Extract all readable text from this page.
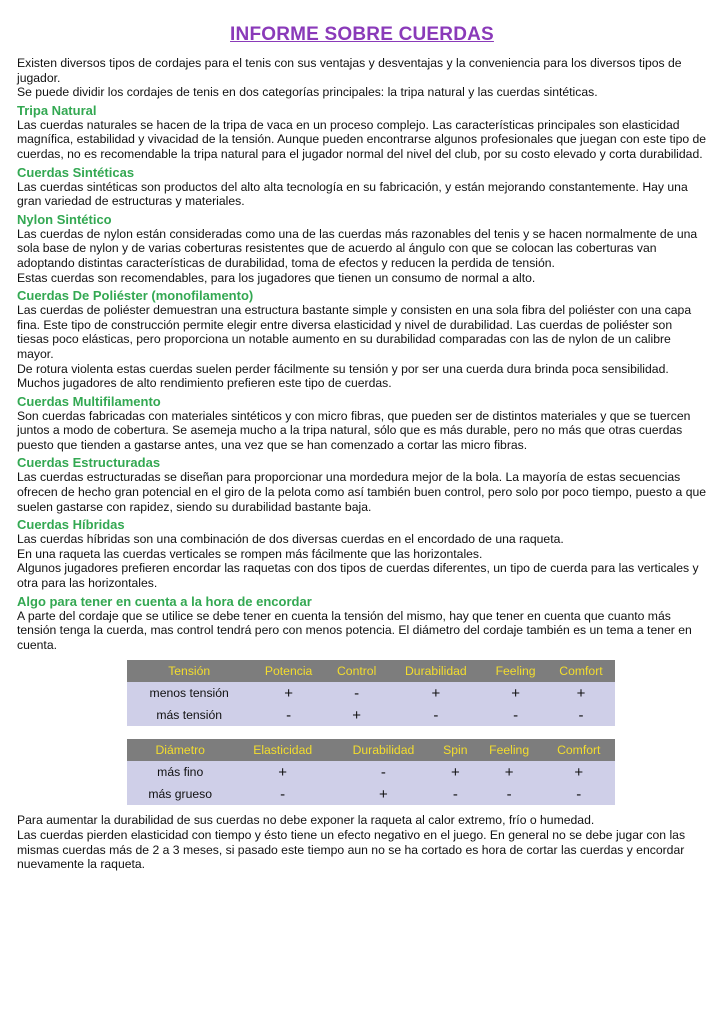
INFORME SOBRE CUERDAS

Existen diversos tipos de cordajes para el tenis con sus ventajas y desventajas y la conveniencia para los diversos tipos de jugador.

Se puede dividir los cordajes de tenis en dos categorías principales: la tripa natural y las cuerdas sintéticas.

Tripa Natural

Las cuerdas naturales se hacen de la tripa de vaca en un proceso complejo. Las características principales son elasticidad magnífica, estabilidad y vivacidad de la tensión. Aunque pueden encontrarse algunos profesionales que juegan con este tipo de cuerdas, no es recomendable la tripa natural para el jugador normal del nivel del club, por su costo elevado y corta durabilidad.

Cuerdas Sintéticas

Las cuerdas sintéticas son productos del alto alta tecnología en su fabricación, y están mejorando constantemente. Hay una gran variedad de estructuras y materiales.

Nylon Sintético

Las cuerdas de nylon están consideradas como una de las cuerdas más razonables del tenis y se hacen normalmente de una sola base de nylon y de varias coberturas resistentes que de acuerdo al ángulo con que se colocan las coberturas van adoptando distintas características de durabilidad, toma de efectos y reducen la perdida de tensión.

Estas cuerdas son recomendables, para los jugadores que tienen un consumo de normal a alto.

Cuerdas De Poliéster (monofilamento)

Las cuerdas de poliéster demuestran una estructura bastante simple y consisten en una sola fibra del poliéster con una capa fina. Este tipo de construcción permite elegir entre diversa elasticidad y nivel de durabilidad. Las cuerdas de poliéster son tiesas poco elásticas, pero proporciona un notable aumento en su durabilidad comparadas con las de nylon de un calibre mayor.

De rotura violenta estas cuerdas suelen perder fácilmente su tensión y por ser una cuerda dura brinda poca sensibilidad. Muchos jugadores de alto rendimiento prefieren este tipo de cuerdas.

Cuerdas Multifilamento

Son cuerdas fabricadas con materiales sintéticos y con micro fibras, que pueden ser de distintos materiales y que se tuercen juntos a modo de cobertura. Se asemeja mucho a la tripa natural, sólo que es más durable, pero no más que otras cuerdas puesto que tienden a gastarse antes, una vez que se han comenzado a cortar las micro fibras.

Cuerdas Estructuradas

Las cuerdas estructuradas se diseñan para proporcionar una mordedura mejor de la bola. La mayoría de estas secuencias ofrecen de hecho gran potencial en el giro de la pelota como así también buen control, pero solo por poco tiempo, puesto a que suelen gastarse con rapidez, siendo su durabilidad bastante baja.

Cuerdas Híbridas

Las cuerdas híbridas son una combinación de dos diversas cuerdas en el encordado de una raqueta.

En una raqueta las cuerdas verticales se rompen más fácilmente que las horizontales.

Algunos jugadores prefieren encordar las raquetas con dos tipos de cuerdas diferentes, un tipo de cuerda para las verticales y otra para las horizontales.

Algo para tener en cuenta a la hora de encordar

A parte del cordaje que se utilice se debe tener en cuenta la tensión del mismo, hay que tener en cuenta que cuanto más tensión tenga la cuerda, mas control tendrá pero con menos potencia. El diámetro del cordaje también es un tema a tener en cuenta.

Tensión	Potencia	Control	Durabilidad	Feeling	Comfort
menos tensión	+	-	+	+	+
más tensión	-	+	-	-	-
Diámetro	Elasticidad	Durabilidad	Spin	Feeling	Comfort
más fino	+	-	+	+	+
más grueso	-	+	-	-	-

Para aumentar la durabilidad de sus cuerdas no debe exponer la raqueta al calor extremo, frío o humedad.

Las cuerdas pierden elasticidad con tiempo y ésto tiene un efecto negativo en el juego. En general no se debe jugar con las mismas cuerdas más de 2 a 3 meses, si pasado este tiempo aun no se ha cortado es hora de cortar las cuerdas y encordar nuevamente la raqueta.
